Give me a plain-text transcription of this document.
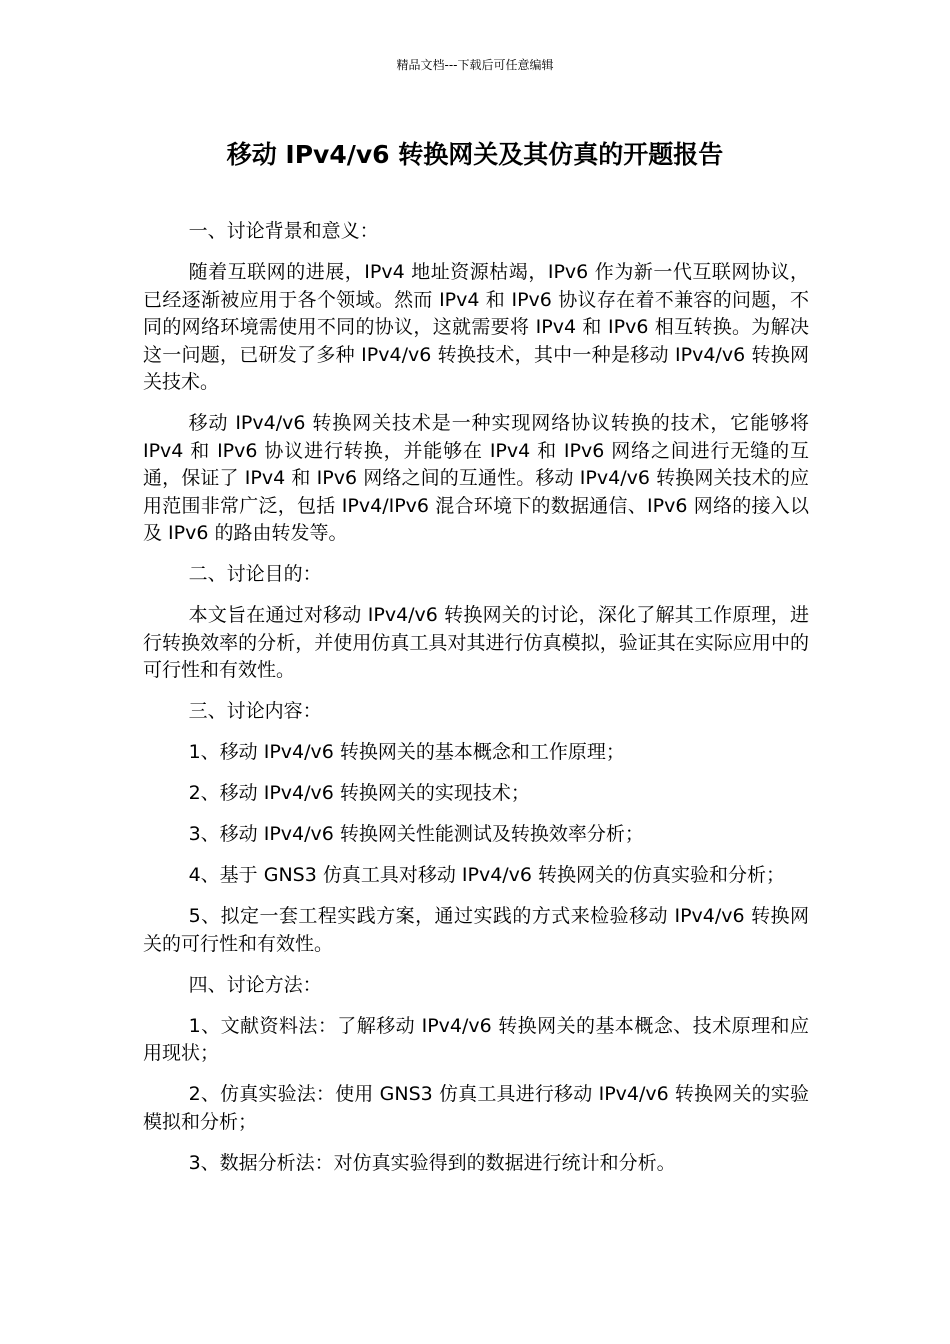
精品文档---下载后可任意编辑
移动 IPv4/v6 转换网关及其仿真的开题报告

一、讨论背景和意义：

随着互联网的进展，IPv4 地址资源枯竭，IPv6 作为新一代互联网协议，已经逐渐被应用于各个领域。然而 IPv4 和 IPv6 协议存在着不兼容的问题，不同的网络环境需使用不同的协议，这就需要将 IPv4 和 IPv6 相互转换。为解决这一问题，已研发了多种 IPv4/v6 转换技术，其中一种是移动 IPv4/v6 转换网关技术。

移动 IPv4/v6 转换网关技术是一种实现网络协议转换的技术，它能够将 IPv4 和 IPv6 协议进行转换，并能够在 IPv4 和 IPv6 网络之间进行无缝的互通，保证了 IPv4 和 IPv6 网络之间的互通性。移动 IPv4/v6 转换网关技术的应用范围非常广泛，包括 IPv4/IPv6 混合环境下的数据通信、IPv6 网络的接入以及 IPv6 的路由转发等。

二、讨论目的：

本文旨在通过对移动 IPv4/v6 转换网关的讨论，深化了解其工作原理，进行转换效率的分析，并使用仿真工具对其进行仿真模拟，验证其在实际应用中的可行性和有效性。

三、讨论内容：

1、移动 IPv4/v6 转换网关的基本概念和工作原理；

2、移动 IPv4/v6 转换网关的实现技术；

3、移动 IPv4/v6 转换网关性能测试及转换效率分析；

4、基于 GNS3 仿真工具对移动 IPv4/v6 转换网关的仿真实验和分析；

5、拟定一套工程实践方案，通过实践的方式来检验移动 IPv4/v6 转换网关的可行性和有效性。

四、讨论方法：

1、文献资料法：了解移动 IPv4/v6 转换网关的基本概念、技术原理和应用现状；

2、仿真实验法：使用 GNS3 仿真工具进行移动 IPv4/v6 转换网关的实验模拟和分析；

3、数据分析法：对仿真实验得到的数据进行统计和分析。
